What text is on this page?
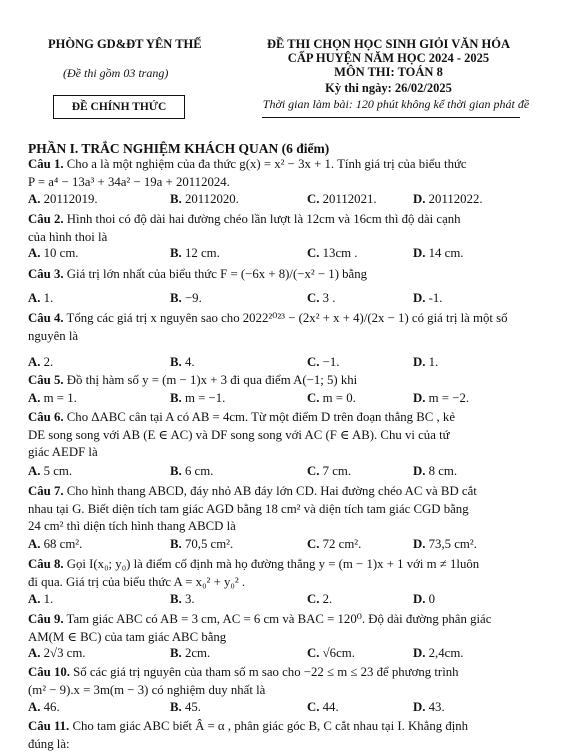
PHÒNG GD&ĐT YÊN THẾ
(Đề thi gồm 03 trang)
ĐỀ CHÍNH THỨC
ĐỀ THI CHỌN HỌC SINH GIỎI VĂN HÓA
CẤP HUYỆN NĂM HỌC 2024 - 2025
MÔN THI: TOÁN 8
Kỳ thi ngày: 26/02/2025
Thời gian làm bài: 120 phút không kể thời gian phát đề
PHẦN I. TRẮC NGHIỆM KHÁCH QUAN (6 điểm)
Câu 1. Cho a là một nghiệm của đa thức g(x) = x² − 3x + 1. Tính giá trị của biểu thức
P = a⁴ − 13a³ + 34a² − 19a + 20112024.
A. 20112019.	B. 20112020.	C. 20112021.	D. 20112022.
Câu 2. Hình thoi có độ dài hai đường chéo lần lượt là 12cm và 16cm thì độ dài cạnh
của hình thoi là
A. 10 cm.	B. 12 cm.	C. 13cm .	D. 14 cm.
Câu 3. Giá trị lớn nhất của biểu thức F = (−6x + 8)/(−x² − 1) bằng
A. 1.	B. −9.	C. 3 .	D. -1.
Câu 4. Tổng các giá trị x nguyên sao cho 2022²⁰²³ − (2x² + x + 4)/(2x − 1) có giá trị là một số
nguyên là
A. 2.	B. 4.	C. −1.	D. 1.
Câu 5. Đồ thị hàm số y = (m − 1)x + 3 đi qua điểm A(−1; 5) khi
A. m = 1.	B. m = −1.	C. m = 0.	D. m = −2.
Câu 6. Cho ΔABC cân tại A có AB = 4cm. Từ một điểm D trên đoạn thẳng BC , kẻ
DE song song với AB (E ∈ AC) và DF song song với AC (F ∈ AB). Chu vi của tứ
giác AEDF là
A. 5 cm.	B. 6 cm.	C. 7 cm.	D. 8 cm.
Câu 7. Cho hình thang ABCD, đáy nhỏ AB đáy lớn CD. Hai đường chéo AC và BD cắt
nhau tại G. Biết diện tích tam giác AGD bằng 18 cm² và diện tích tam giác CGD bằng
24 cm² thì diện tích hình thang ABCD là
A. 68 cm².	B. 70,5 cm².	C. 72 cm².	D. 73,5 cm².
Câu 8. Gọi I(x₀; y₀) là điểm cố định mà họ đường thẳng y = (m − 1)x + 1 với m ≠ 1luôn
đi qua. Giá trị của biểu thức A = x₀² + y₀² .
A. 1.	B. 3.	C. 2.	D. 0
Câu 9. Tam giác ABC có AB = 3 cm, AC = 6 cm và BAC = 120⁰. Độ dài đường phân giác
AM(M ∈ BC) của tam giác ABC bằng
A. 2√3 cm.	B. 2cm.	C. √6cm.	D. 2,4cm.
Câu 10. Số các giá trị nguyên của tham số m sao cho −22 ≤ m ≤ 23 để phương trình
(m² − 9).x = 3m(m − 3) có nghiệm duy nhất là
A. 46.	B. 45.	C. 44.	D. 43.
Câu 11. Cho tam giác ABC biết Â = α , phân giác góc B, C cắt nhau tại I. Khẳng định
đúng là:
